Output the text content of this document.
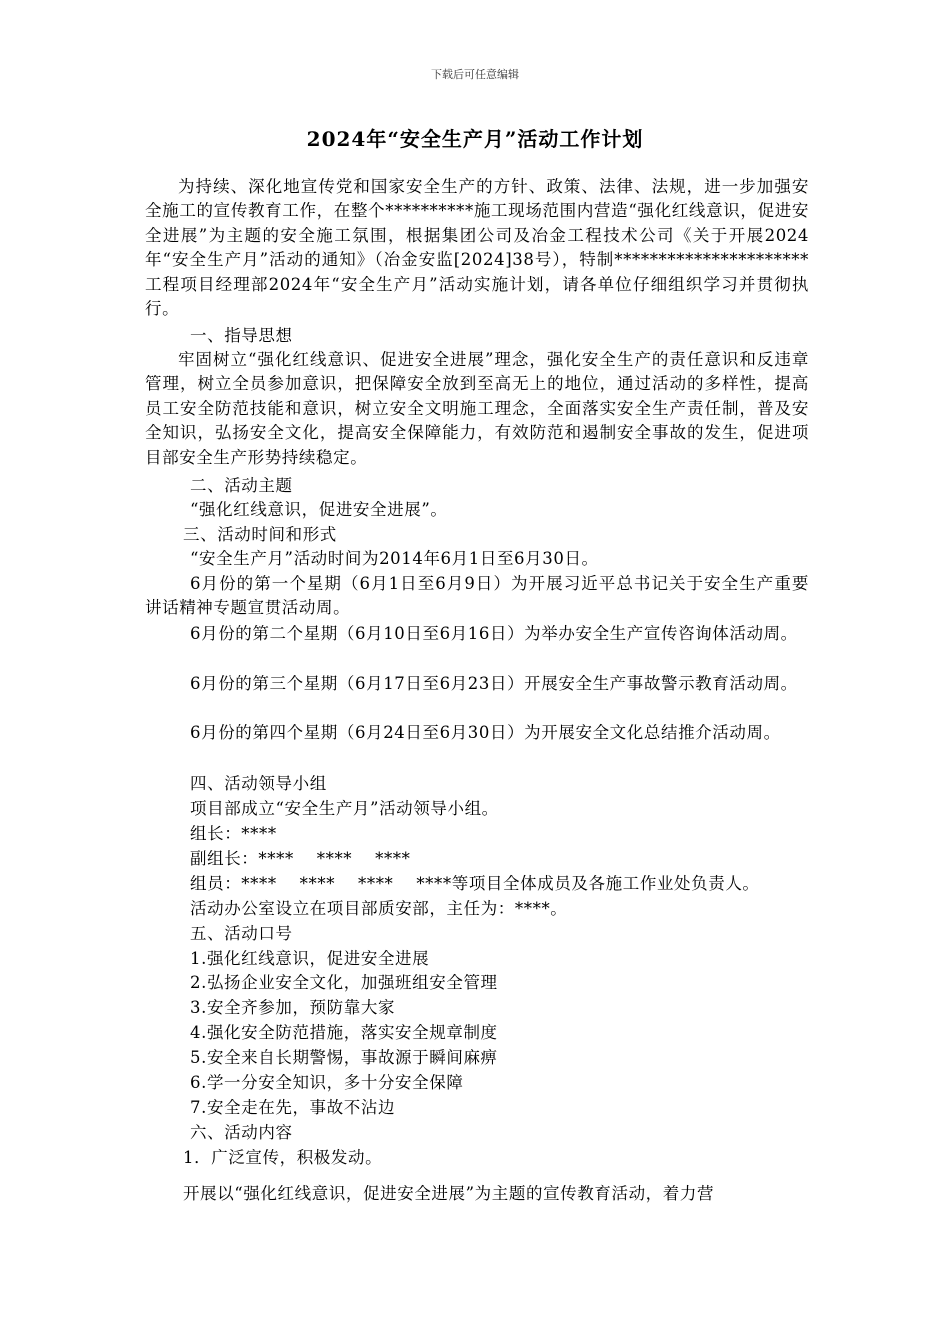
下载后可任意编辑
2024年“安全生产月”活动工作计划

为持续、深化地宣传党和国家安全生产的方针、政策、法律、法规，进一步加强安全施工的宣传教育工作，在整个**********施工现场范围内营造“强化红线意识，促进安全进展”为主题的安全施工氛围，根据集团公司及冶金工程技术公司《关于开展2024年“安全生产月”活动的通知》（冶金安监[2024]38号），特制**********************工程项目经理部2024年“安全生产月”活动实施计划，请各单位仔细组织学习并贯彻执行。

一、指导思想

牢固树立“强化红线意识、促进安全进展”理念，强化安全生产的责任意识和反违章管理，树立全员参加意识，把保障安全放到至高无上的地位，通过活动的多样性，提高员工安全防范技能和意识，树立安全文明施工理念，全面落实安全生产责任制，普及安全知识，弘扬安全文化，提高安全保障能力，有效防范和遏制安全事故的发生，促进项目部安全生产形势持续稳定。

二、活动主题
“强化红线意识，促进安全进展”。
三、活动时间和形式
“安全生产月”活动时间为2014年6月1日至6月30日。

6月份的第一个星期（6月1日至6月9日）为开展习近平总书记关于安全生产重要讲话精神专题宣贯活动周。

6月份的第二个星期（6月10日至6月16日）为举办安全生产宣传咨询体活动周。

6月份的第三个星期（6月17日至6月23日）开展安全生产事故警示教育活动周。

6月份的第四个星期（6月24日至6月30日）为开展安全文化总结推介活动周。

四、活动领导小组
项目部成立“安全生产月”活动领导小组。
组长：****
副组长：****　 ****　 ****
组员：****　 ****　 ****　 ****等项目全体成员及各施工作业处负责人。
活动办公室设立在项目部质安部，主任为：****。
五、活动口号
1.强化红线意识，促进安全进展
2.弘扬企业安全文化，加强班组安全管理
3.安全齐参加，预防靠大家
4.强化安全防范措施，落实安全规章制度
5.安全来自长期警惕，事故源于瞬间麻痹
6.学一分安全知识，多十分安全保障
7.安全走在先，事故不沾边
六、活动内容
1．广泛宣传，积极发动。
开展以“强化红线意识，促进安全进展”为主题的宣传教育活动，着力营
